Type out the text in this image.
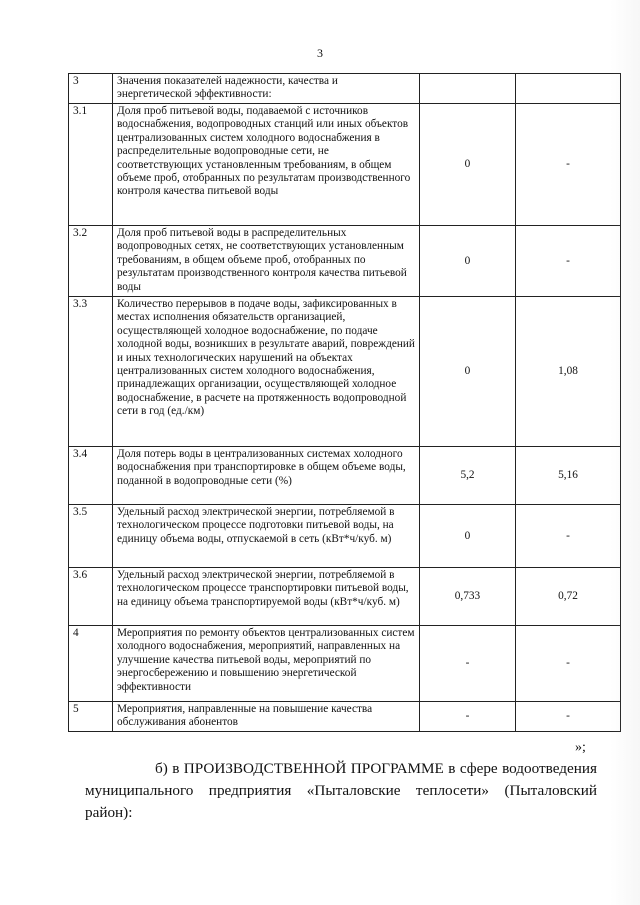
3
3	Значения показателей надежности, качества и энергетической эффективности:		
3.1	Доля проб питьевой воды, подаваемой с источников водоснабжения, водопроводных станций или иных объектов централизованных систем холодного водоснабжения в распределительные водопроводные сети, не соответствующих установленным требованиям, в общем объеме проб, отобранных по результатам производственного контроля качества питьевой воды	0	-
3.2	Доля проб питьевой воды в распределительных водопроводных сетях, не соответствующих установленным требованиям, в общем объеме проб, отобранных по результатам производственного контроля качества питьевой воды	0	-
3.3	Количество перерывов в подаче воды, зафиксированных в местах исполнения обязательств организацией, осуществляющей холодное водоснабжение, по подаче холодной воды, возникших в результате аварий, повреждений и иных технологических нарушений на объектах централизованных систем холодного водоснабжения, принадлежащих организации, осуществляющей холодное водоснабжение, в расчете на протяженность водопроводной сети в год (ед./км)	0	1,08
3.4	Доля потерь воды в централизованных системах холодного водоснабжения при транспортировке в общем объеме воды, поданной в водопроводные сети (%)	5,2	5,16
3.5	Удельный расход электрической энергии, потребляемой в технологическом процессе подготовки питьевой воды, на единицу объема воды, отпускаемой в сеть (кВт*ч/куб. м)	0	-
3.6	Удельный расход электрической энергии, потребляемой в технологическом процессе транспортировки питьевой воды, на единицу объема транспортируемой воды (кВт*ч/куб. м)	0,733	0,72
4	Мероприятия по ремонту объектов централизованных систем холодного водоснабжения, мероприятий, направленных на улучшение качества питьевой воды, мероприятий по энергосбережению и повышению энергетической эффективности	-	-
5	Мероприятия, направленные на повышение качества обслуживания абонентов	-	-
»;
б) в ПРОИЗВОДСТВЕННОЙ ПРОГРАММЕ в сфере водоотведения
муниципального предприятия «Пыталовские теплосети» (Пыталовский район):
